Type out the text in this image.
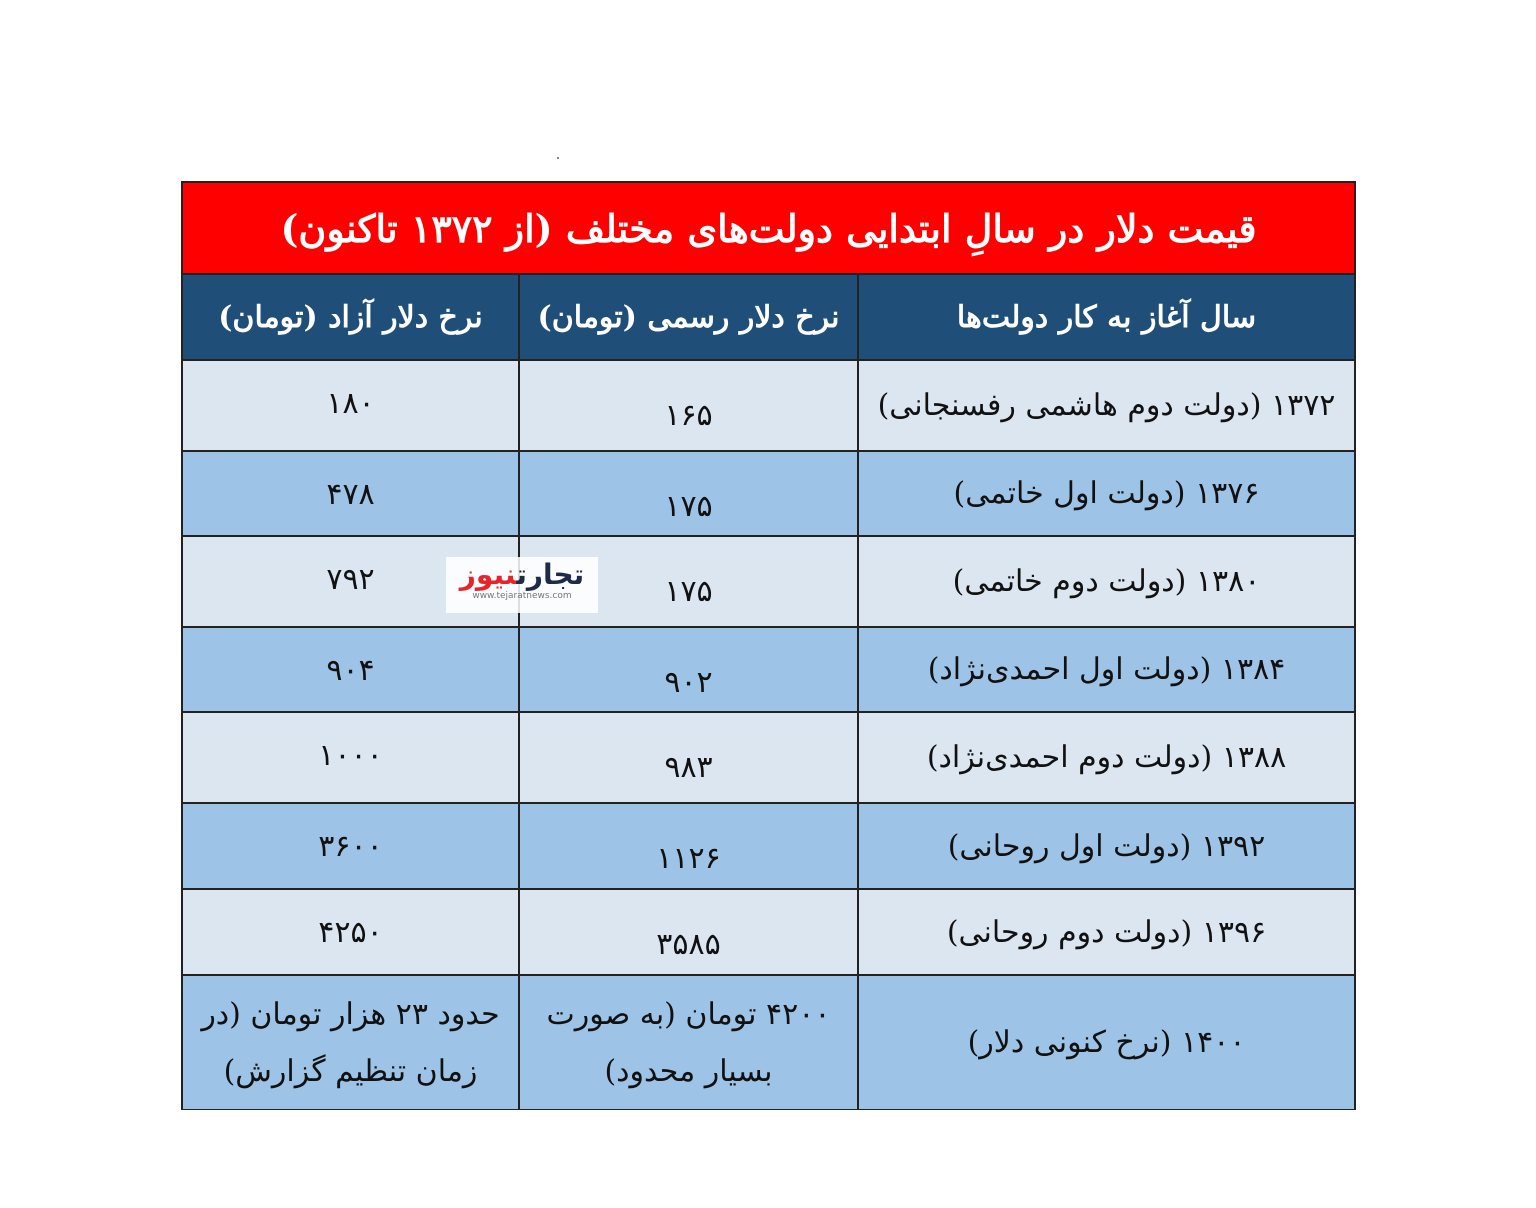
قیمت دلار در سالِ ابتدایی دولت‌های مختلف (از ۱۳۷۲ تاکنون)
سال آغاز به کار دولت‌ها
نرخ دلار رسمی (تومان)
نرخ دلار آزاد (تومان)
۱۳۷۲ (دولت دوم هاشمی رفسنجانی)
۱۶۵
۱۸۰
۱۳۷۶ (دولت اول خاتمی)
۱۷۵
۴۷۸
۱۳۸۰ (دولت دوم خاتمی)
۱۷۵
۷۹۲
۱۳۸۴ (دولت اول احمدی‌نژاد)
۹۰۲
۹۰۴
۱۳۸۸ (دولت دوم احمدی‌نژاد)
۹۸۳
۱۰۰۰
۱۳۹۲ (دولت اول روحانی)
۱۱۲۶
۳۶۰۰
۱۳۹۶ (دولت دوم روحانی)
۳۵۸۵
۴۲۵۰
۱۴۰۰ (نرخ کنونی دلار)
۴۲۰۰ تومان (به صورت بسیار محدود)
حدود ۲۳ هزار تومان (در زمان تنظیم گزارش)
تجارتنیوز
www.tejaratnews.com
